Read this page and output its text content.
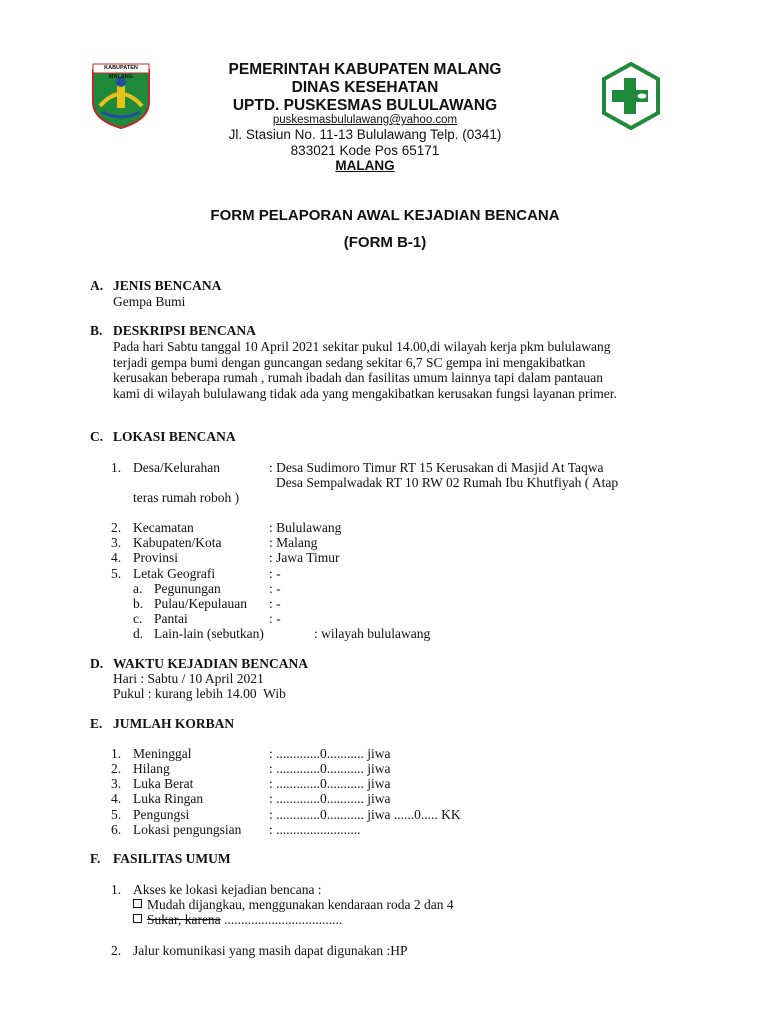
KABUPATEN MALANG	PEMERINTAH KABUPATEN MALANG
DINAS KESEHATAN
UPTD. PUSKESMAS BULULAWANG
puskesmasbululawang@yahoo.com
Jl. Stasiun No. 11-13 Bululawang Telp. (0341)
833021 Kode Pos 65171
MALANG
FORM PELAPORAN AWAL KEJADIAN BENCANA
(FORM B-1)
A. JENIS BENCANA
Gempa Bumi
B. DESKRIPSI BENCANA
Pada hari Sabtu tanggal 10 April 2021 sekitar pukul 14.00,di wilayah kerja pkm bululawang
terjadi gempa bumi dengan guncangan sedang sekitar 6,7 SC gempa ini mengakibatkan
kerusakan beberapa rumah , rumah ibadah dan fasilitas umum lainnya tapi dalam pantauan
kami di wilayah bululawang tidak ada yang mengakibatkan kerusakan fungsi layanan primer.
C. LOKASI BENCANA
1. Desa/Kelurahan	: Desa Sudimoro Timur RT 15 Kerusakan di Masjid At Taqwa
Desa Sempalwadak RT 10 RW 02 Rumah Ibu Khutfiyah ( Atap
teras rumah roboh )
2. Kecamatan	: Bululawang
3. Kabupaten/Kota	: Malang
4. Provinsi	: Jawa Timur
5. Letak Geografi	: -
a. Pegunungan	: -
b. Pulau/Kepulauan : -
c. Pantai	: -
d. Lain-lain (sebutkan)	: wilayah bululawang
D. WAKTU KEJADIAN BENCANA
Hari : Sabtu / 10 April 2021
Pukul : kurang lebih 14.00  Wib
E. JUMLAH KORBAN
1. Meninggal	: .............0........... jiwa
2. Hilang	: .............0........... jiwa
3. Luka Berat	: .............0........... jiwa
4. Luka Ringan	: .............0........... jiwa
5. Pengungsi	: .............0........... jiwa ......0..... KK
6. Lokasi pengungsian : .........................
F. FASILITAS UMUM
1. Akses ke lokasi kejadian bencana :
Mudah dijangkau, menggunakan kendaraan roda 2 dan 4
Sukar, karena ...................................
2. Jalur komunikasi yang masih dapat digunakan :HP
